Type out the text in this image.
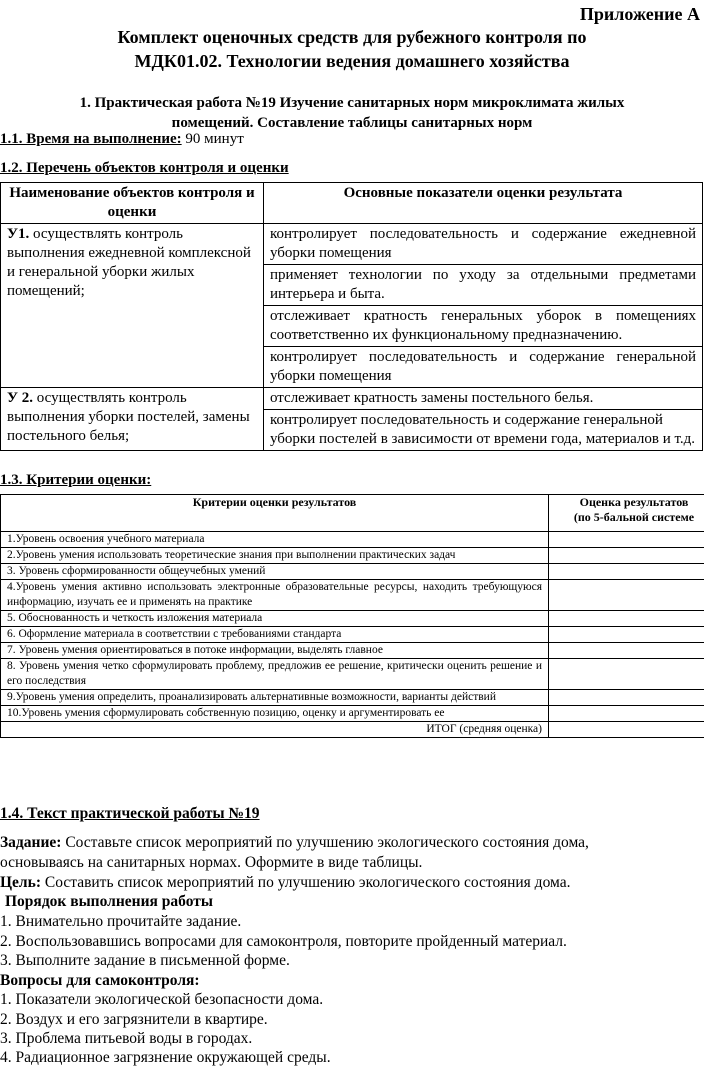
Приложение А
Комплект оценочных средств для рубежного контроля по
МДК01.02. Технологии ведения домашнего хозяйства
1. Практическая работа №19 Изучение санитарных норм микроклимата жилых
помещений. Составление таблицы санитарных норм
1.1. Время на выполнение: 90 минут
1.2. Перечень объектов контроля и оценки
Наименование объектов контроля и оценки	Основные показатели оценки результата
У1. осуществлять контроль выполнения ежедневной комплексной и генеральной уборки жилых помещений;	контролирует последовательность и содержание ежедневной уборки помещения
	применяет технологии по уходу за отдельными предметами интерьера и быта.
	отслеживает кратность генеральных уборок в помещениях соответственно их функциональному предназначению.
	контролирует последовательность и содержание генеральной уборки помещения
У 2. осуществлять контроль выполнения уборки постелей, замены постельного белья;	отслеживает кратность замены постельного белья.
	контролирует последовательность и содержание генеральной уборки постелей в зависимости от времени года, материалов и т.д.
1.3. Критерии оценки:
Критерии оценки результатов	Оценка результатов
(по 5-бальной системе
1.Уровень освоения учебного материала	
2.Уровень умения использовать теоретические знания при выполнении практических задач	
3. Уровень сформированности общеучебных умений	
4.Уровень умения активно использовать электронные образовательные ресурсы, находить требующуюся информацию, изучать ее и применять на практике	
5. Обоснованность и четкость изложения материала	
6. Оформление материала в соответствии с требованиями стандарта	
7. Уровень умения ориентироваться в потоке информации, выделять главное	
8. Уровень умения четко сформулировать проблему, предложив ее решение, критически оценить решение и его последствия	
9.Уровень умения определить, проанализировать альтернативные возможности, варианты действий	
10.Уровень умения сформулировать собственную позицию, оценку и аргументировать ее	
ИТОГ (средняя оценка)	
1.4. Текст практической работы №19
Задание: Составьте список мероприятий по улучшению экологического состояния дома,
основываясь на санитарных нормах. Оформите в виде таблицы.
Цель: Составить список мероприятий по улучшению экологического состояния дома.
Порядок выполнения работы
1. Внимательно прочитайте задание.
2. Воспользовавшись вопросами для самоконтроля, повторите пройденный материал.
3. Выполните задание в письменной форме.
Вопросы для самоконтроля:
1. Показатели экологической безопасности дома.
2. Воздух и его загрязнители в квартире.
3. Проблема питьевой воды в городах.
4. Радиационное загрязнение окружающей среды.
